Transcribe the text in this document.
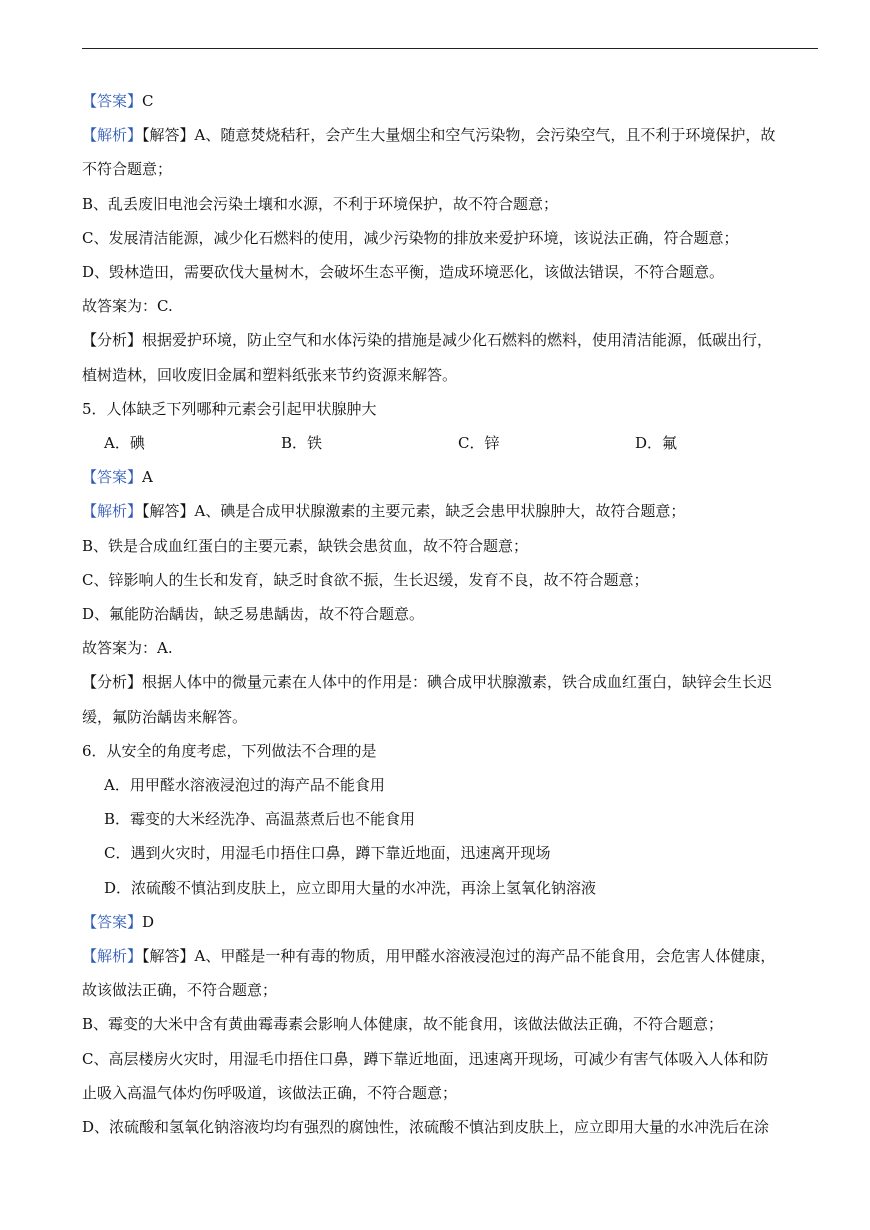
【答案】C
【解析】【解答】A、随意焚烧秸秆，会产生大量烟尘和空气污染物，会污染空气，且不利于环境保护，故
不符合题意；
B、乱丢废旧电池会污染土壤和水源，不利于环境保护，故不符合题意；
C、发展清洁能源，减少化石燃料的使用，减少污染物的排放来爱护环境，该说法正确，符合题意；
D、毁林造田，需要砍伐大量树木，会破坏生态平衡，造成环境恶化，该做法错误，不符合题意。
故答案为：C.
【分析】根据爱护环境，防止空气和水体污染的措施是减少化石燃料的燃料，使用清洁能源，低碳出行，
植树造林，回收废旧金属和塑料纸张来节约资源来解答。
5．人体缺乏下列哪种元素会引起甲状腺肿大
A．碘	B．铁	C．锌	D．氟
【答案】A
【解析】【解答】A、碘是合成甲状腺激素的主要元素，缺乏会患甲状腺肿大，故符合题意；
B、铁是合成血红蛋白的主要元素，缺铁会患贫血，故不符合题意；
C、锌影响人的生长和发育，缺乏时食欲不振，生长迟缓，发育不良，故不符合题意；
D、氟能防治龋齿，缺乏易患龋齿，故不符合题意。
故答案为：A.
【分析】根据人体中的微量元素在人体中的作用是：碘合成甲状腺激素，铁合成血红蛋白，缺锌会生长迟
缓，氟防治龋齿来解答。
6．从安全的角度考虑，下列做法不合理的是
A．用甲醛水溶液浸泡过的海产品不能食用
B．霉变的大米经洗净、高温蒸煮后也不能食用
C．遇到火灾时，用湿毛巾捂住口鼻，蹲下靠近地面，迅速离开现场
D．浓硫酸不慎沾到皮肤上，应立即用大量的水冲洗，再涂上氢氧化钠溶液
【答案】D
【解析】【解答】A、甲醛是一种有毒的物质，用甲醛水溶液浸泡过的海产品不能食用，会危害人体健康，
故该做法正确，不符合题意；
B、霉变的大米中含有黄曲霉毒素会影响人体健康，故不能食用，该做法做法正确，不符合题意；
C、高层楼房火灾时，用湿毛巾捂住口鼻，蹲下靠近地面，迅速离开现场，可减少有害气体吸入人体和防
止吸入高温气体灼伤呼吸道，该做法正确，不符合题意；
D、浓硫酸和氢氧化钠溶液均均有强烈的腐蚀性，浓硫酸不慎沾到皮肤上，应立即用大量的水冲洗后在涂
